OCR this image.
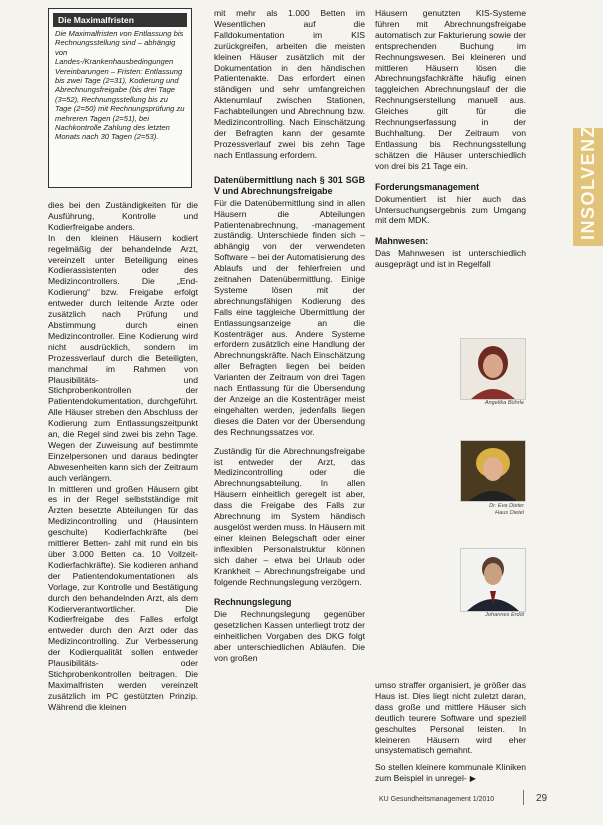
Die Maximalfristen
Die Maximalfristen von Entlassung bis Rechnungsstellung sind – abhängig von Landes-/Krankenhausbedingungen Vereinbarungen – Fristen: Entlassung bis zwei Tage (2=31), Kodierung und Abrechnungsfreigabe (bis drei Tage (3=52), Rechnungsstellung bis zu Tage (2=50) mit Rechnungsprüfung zu mehreren Tagen (2=51), bei Nachkontrolle Zahlung des letzten Monats nach 30 Tagen (2=53).

dies bei den Zuständigkeiten für die Ausführung, Kontrolle und Kodierfreigabe anders.

In den kleinen Häusern kodiert regelmäßig der behandelnde Arzt, vereinzelt unter Beteiligung eines Kodierassistenten oder des Medizincontrollers. Die „End-Kodierung“ bzw. Freigabe erfolgt entweder durch leitende Ärzte oder zusätzlich nach Prüfung und Abstimmung durch einen Medizincontroller. Eine Kodierung wird nicht ausdrücklich, sondern im Prozessverlauf durch die Beteiligten, manchmal im Rahmen von Plausibilitäts- und Stichprobenkontrollen der Patientendokumentation, durchgeführt. Alle Häuser streben den Abschluss der Kodierung zum Entlassungszeitpunkt an, die Regel sind zwei bis zehn Tage. Wegen der Zuweisung auf bestimmte Einzelpersonen und daraus bedingter Abwesenheiten kann sich der Zeitraum auch verlängern.

In mittleren und großen Häusern gibt es in der Regel selbstständige mit Ärzten besetzte Abteilungen für das Medizincontrolling und (Hausintern geschulte) Kodierfachkräfte (bei mittlerer Betten- zahl mit rund ein bis über 3.000 Betten ca. 10 Vollzeit-Kodierfachkräfte). Sie kodieren anhand der Patientendokumentationen als Vorlage, zur Kontrolle und Bestätigung durch den behandelnden Arzt, als dem Kodierverantwortlicher. Die Kodierfreigabe des Falles erfolgt entweder durch den Arzt oder das Medizincontrolling. Zur Verbesserung der Kodierqualität sollen entweder Plausibilitäts- oder Stichprobenkontrollen beitragen. Die Maximalfristen werden vereinzelt zusätzlich im PC gestützten Prinzip. Während die kleinen

mit mehr als 1.000 Betten im Wesentlichen auf die Falldokumentation im KIS zurückgreifen, arbeiten die meisten kleinen Häuser zusätzlich mit der Dokumentation in den händischen Patientenakte. Das erfordert einen ständigen und sehr umfangreichen Aktenumlauf zwischen Stationen, Fachabteilungen und Abrechnung bzw. Medizincontrolling. Nach Einschätzung der Befragten kann der gesamte Prozessverlauf zwei bis zehn Tage nach Entlassung erfordern.

Datenübermittlung nach § 301 SGB V und Abrechnungsfreigabe

Für die Datenübermittlung sind in allen Häusern die Abteilungen Patientenabrechnung, -management zuständig. Unterschiede finden sich – abhängig von der verwendeten Software – bei der Automatisierung des Ablaufs und der fehlerfreien und zeitnahen Datenübermittlung. Einige Systeme lösen mit der abrechnungsfähigen Kodierung des Falls eine taggleiche Übermittlung der Entlassungsanzeige an die Kostenträger aus. Andere Systeme erfordern zusätzlich eine Handlung der Abrechnungskräfte. Nach Einschätzung aller Befragten liegen bei beiden Varianten der Zeitraum von drei Tagen nach Entlassung für die Übersendung der Anzeige an die Kostenträger meist eingehalten werden, jedenfalls liegen dieses die Daten vor der Übersendung des Rechnungssatzes vor.

Zuständig für die Abrechnungsfreigabe ist entweder der Arzt, das Medizincontrolling oder die Abrechnungsabteilung. In allen Häusern einheitlich geregelt ist aber, dass die Freigabe des Falls zur Abrechnung im System händisch ausgelöst werden muss. In Häusern mit einer kleinen Belegschaft oder einer inflexiblen Personalstruktur können sich daher – etwa bei Urlaub oder Krankheit – Abrechnungsfreigabe und folgende Rechnungslegung verzögern.

Rechnungslegung

Die Rechnungslegung gegenüber gesetzlichen Kassen unterliegt trotz der einheitlichen Vorgaben des DKG folgt aber unterschiedlichen Abläufen. Die von großen

Häusern genutzten KIS-Systeme führen mit Abrechnungsfreigabe automatisch zur Fakturierung sowie der entsprechenden Buchung im Rechnungswesen. Bei kleineren und mittleren Häusern lösen die Abrechnungsfachkräfte häufig einen taggleichen Abrechnungslauf der die Rechnungserstellung manuell aus. Gleiches gilt für die Rechnungserfassung in der Buchhaltung. Der Zeitraum von Entlassung bis Rechnungsstellung schätzen die Häuser unterschiedlich von drei bis 21 Tage ein.

Forderungsmanagement

Dokumentiert ist hier auch das Untersuchungsergebnis zum Umgang mit dem MDK.

Mahnwesen:

Das Mahnwesen ist unterschiedlich ausgeprägt und ist in Regelfall

umso straffer organisiert, je größer das Haus ist. Dies liegt nicht zuletzt daran, dass große und mittlere Häuser sich deutlich teurere Software und speziell geschultes Personal leisten. In kleineren Häusern wird eher unsystematisch gemahnt.

So stellen kleinere kommunale Kliniken zum Beispiel in unregel- ▶

Angelika Bührle
Dr. Eva Dieter
Haus Dietel
Johannes Erdöl
INSOLVENZ
KU Gesundheitsmanagement 1/2010	29
